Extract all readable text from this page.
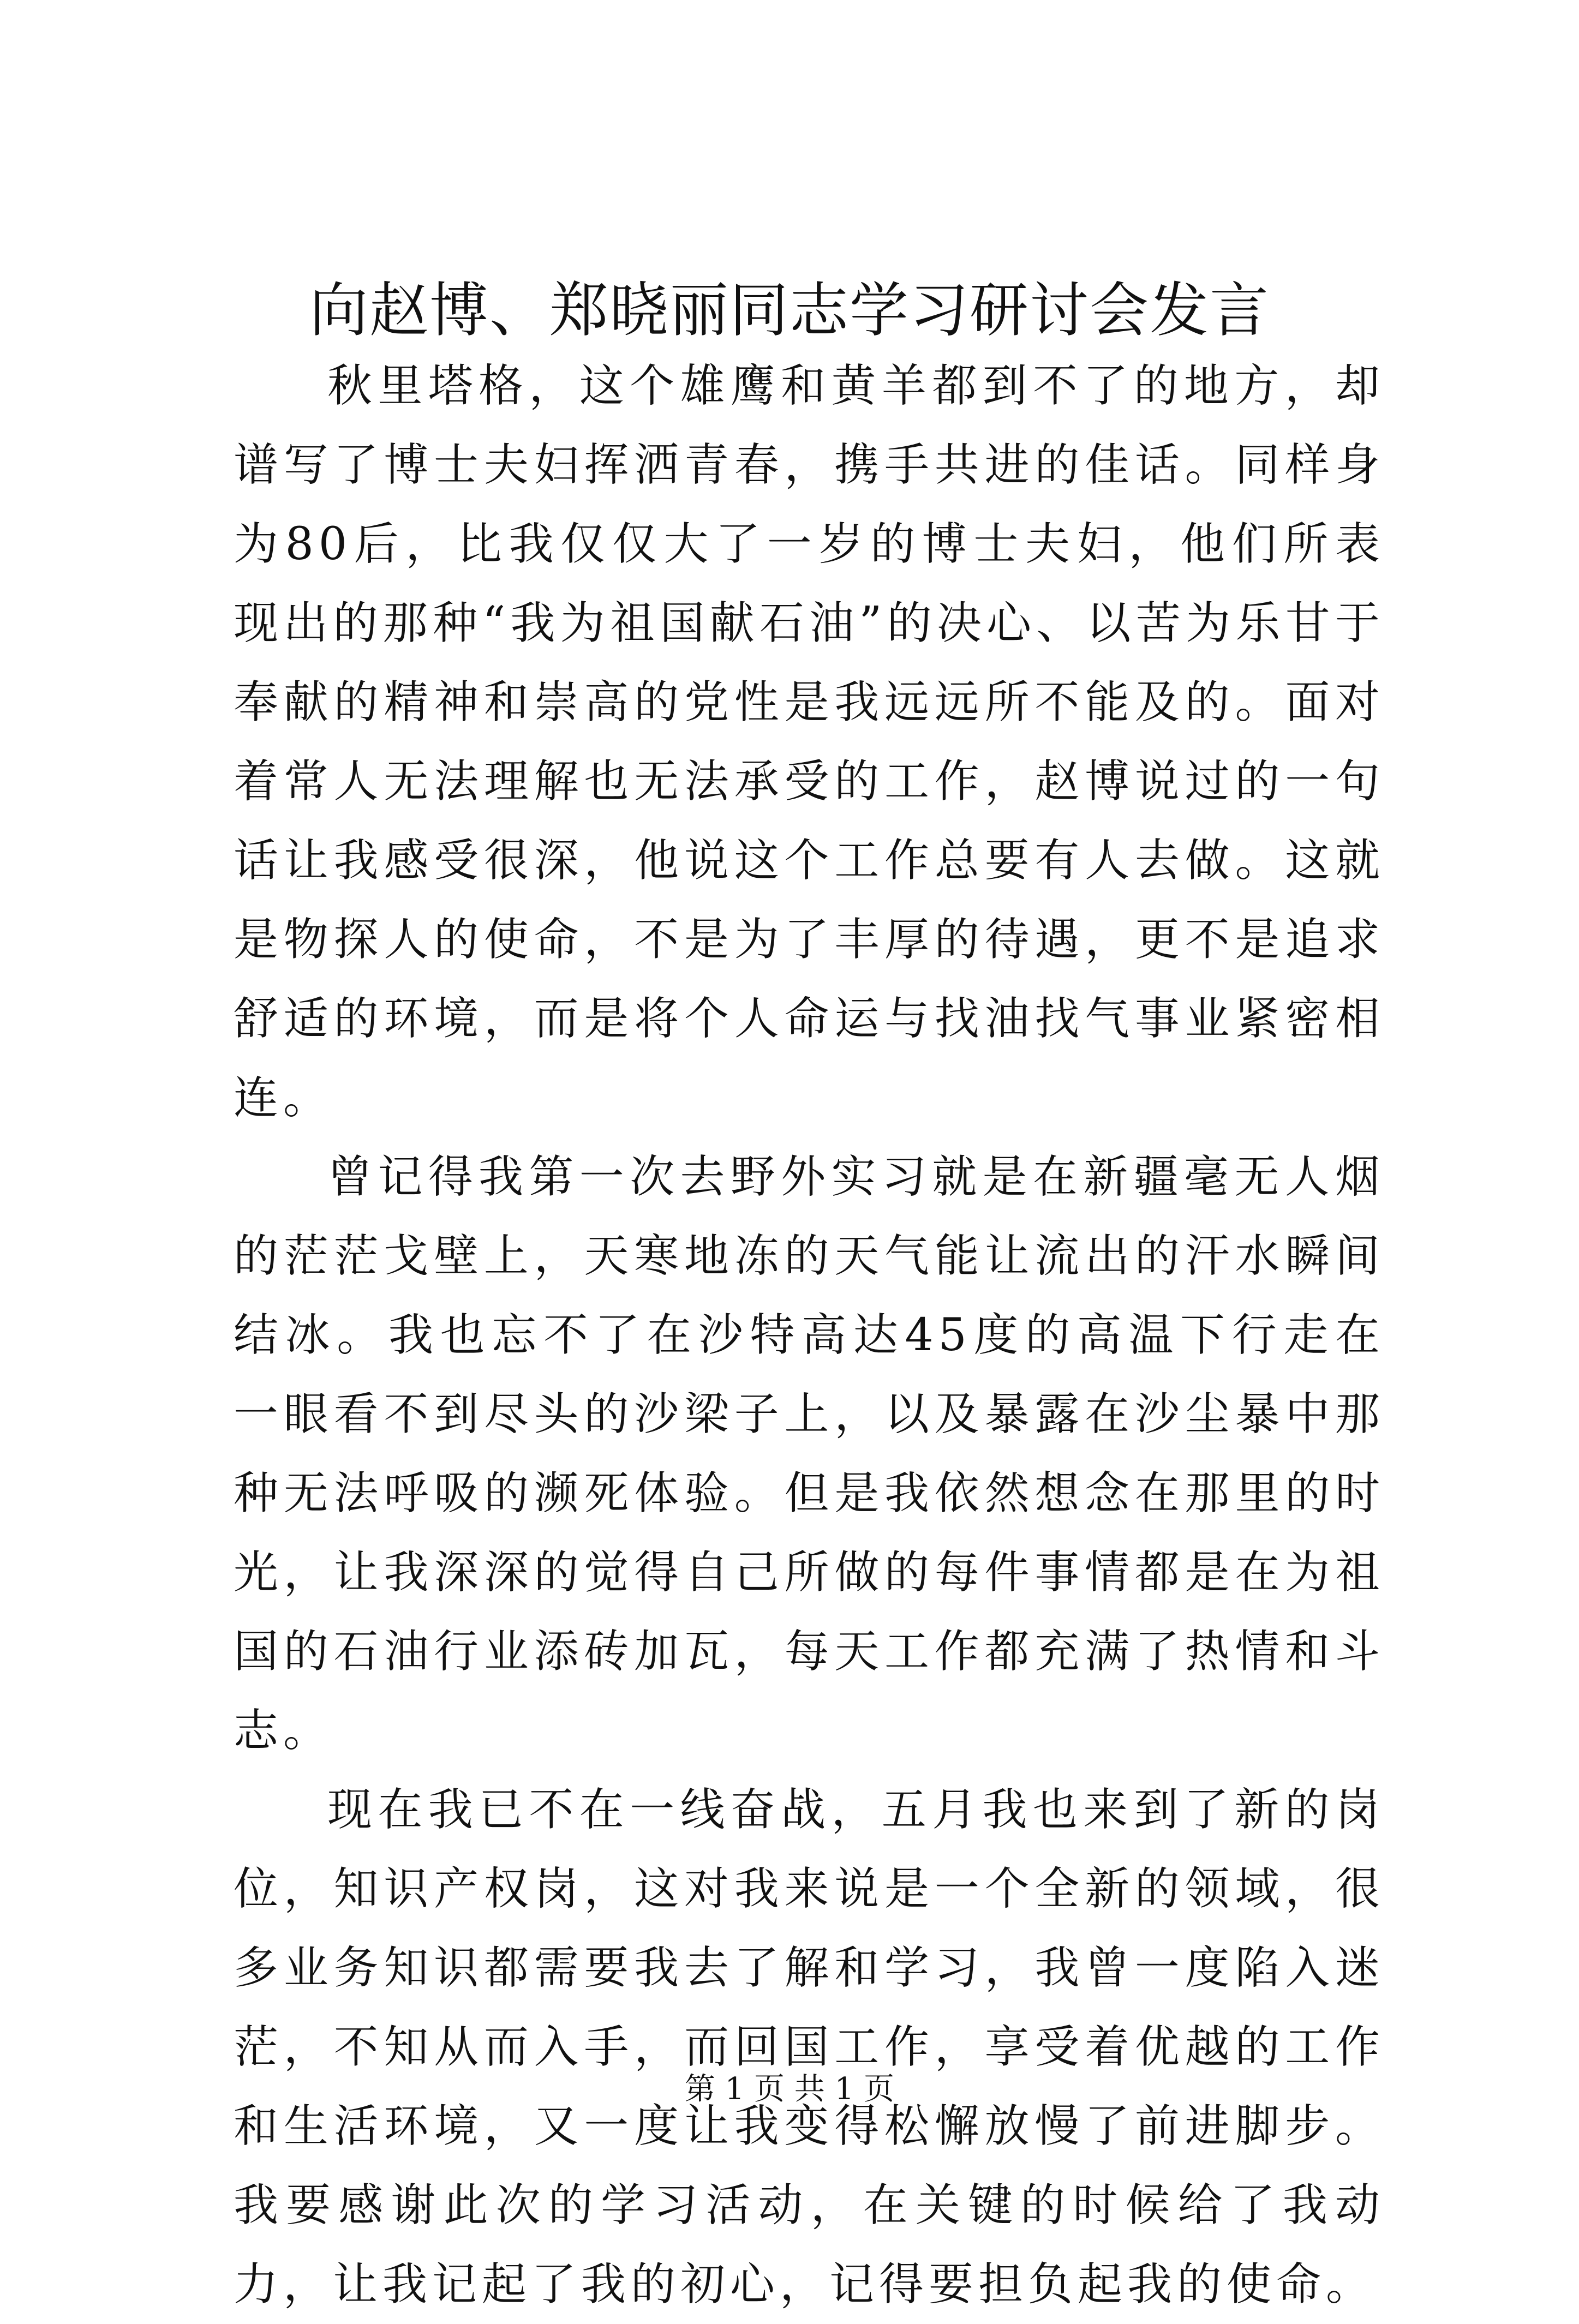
向赵博、郑晓丽同志学习研讨会发言

秋里塔格，这个雄鹰和黄羊都到不了的地方，却谱写了博士夫妇挥洒青春，携手共进的佳话。同样身为80后，比我仅仅大了一岁的博士夫妇，他们所表现出的那种“我为祖国献石油”的决心、以苦为乐甘于奉献的精神和崇高的党性是我远远所不能及的。面对着常人无法理解也无法承受的工作，赵博说过的一句话让我感受很深，他说这个工作总要有人去做。这就是物探人的使命，不是为了丰厚的待遇，更不是追求舒适的环境，而是将个人命运与找油找气事业紧密相连。

曾记得我第一次去野外实习就是在新疆毫无人烟的茫茫戈壁上，天寒地冻的天气能让流出的汗水瞬间结冰。我也忘不了在沙特高达45度的高温下行走在一眼看不到尽头的沙梁子上，以及暴露在沙尘暴中那种无法呼吸的濒死体验。但是我依然想念在那里的时光，让我深深的觉得自己所做的每件事情都是在为祖国的石油行业添砖加瓦，每天工作都充满了热情和斗志。

现在我已不在一线奋战，五月我也来到了新的岗位，知识产权岗，这对我来说是一个全新的领域，很多业务知识都需要我去了解和学习，我曾一度陷入迷茫，不知从而入手，而回国工作，享受着优越的工作和生活环境，又一度让我变得松懈放慢了前进脚步。我要感谢此次的学习活动，在关键的时候给了我动力，让我记起了我的初心，记得要担负起我的使命。

第 1 页 共 1 页
